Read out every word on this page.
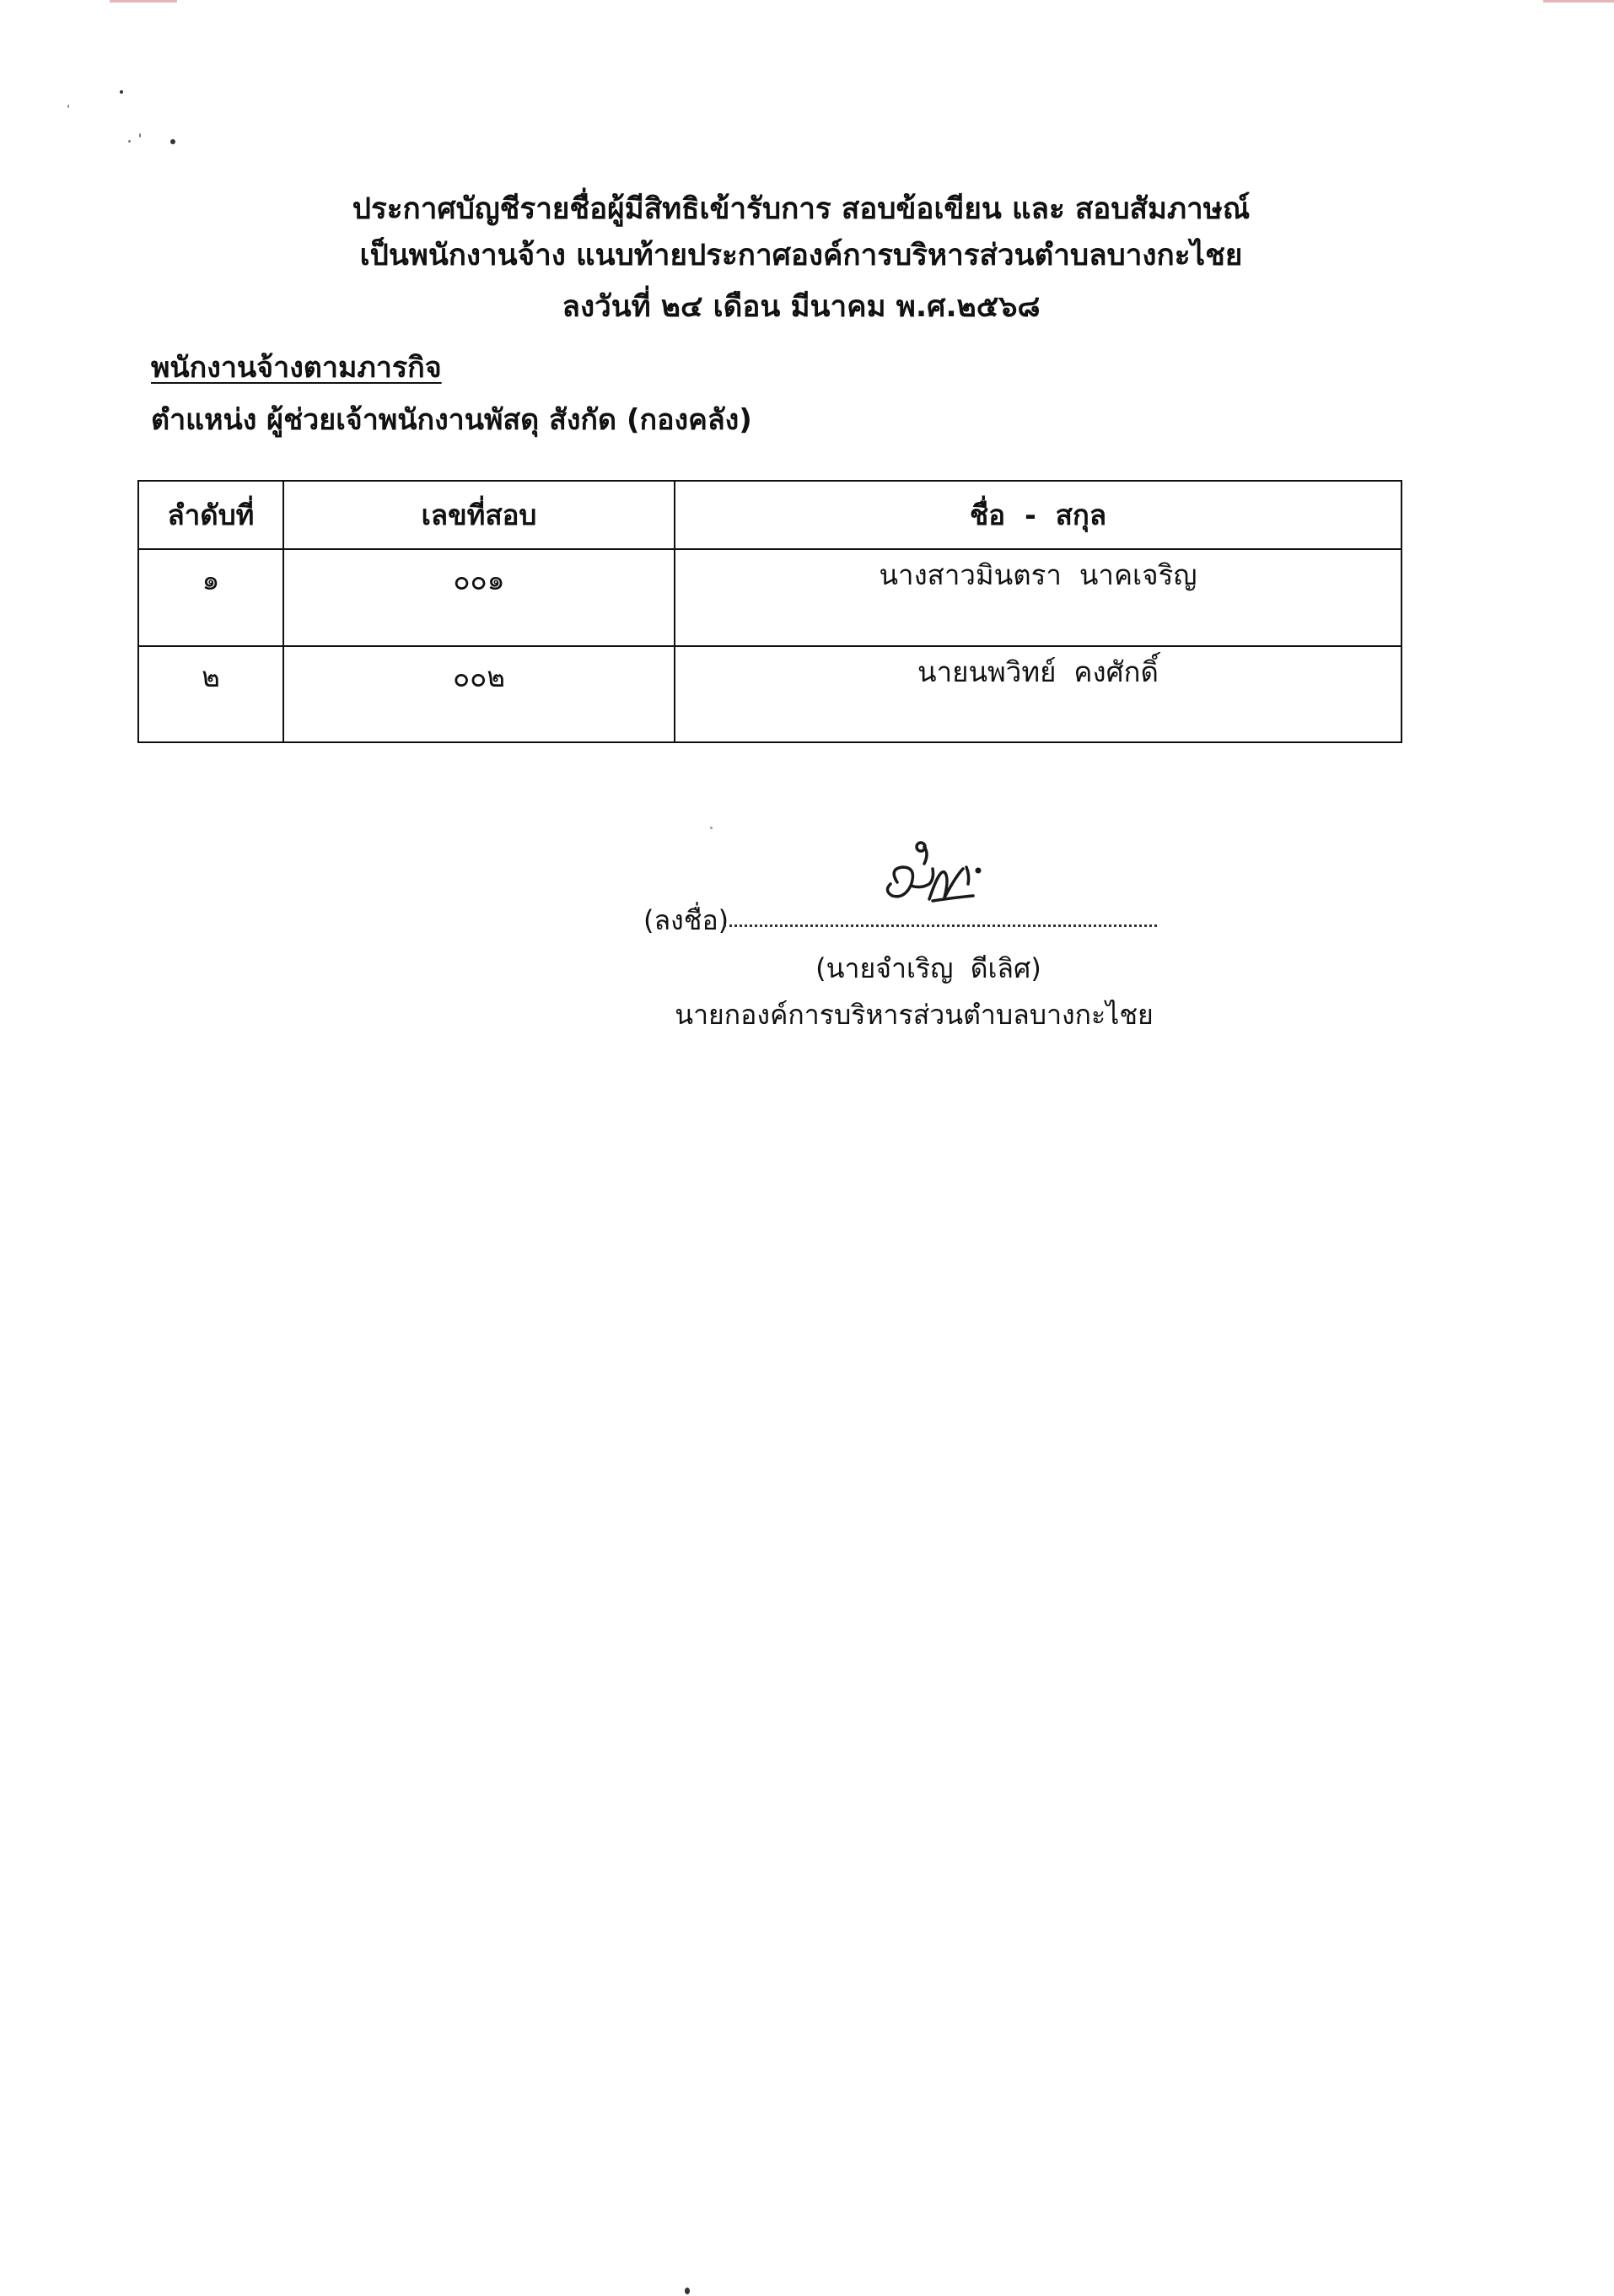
ประกาศบัญชีรายชื่อผู้มีสิทธิเข้ารับการ สอบข้อเขียน และ สอบสัมภาษณ์
เป็นพนักงานจ้าง แนบท้ายประกาศองค์การบริหารส่วนตำบลบางกะไชย
ลงวันที่ ๒๔ เดือน มีนาคม พ.ศ.๒๕๖๘
พนักงานจ้างตามภารกิจ
ตำแหน่ง ผู้ช่วยเจ้าพนักงานพัสดุ สังกัด (กองคลัง)
ลำดับที่	เลขที่สอบ	ชื่อ  -  สกุล
๑	๐๐๑	นางสาวมินตรา  นาคเจริญ
๒	๐๐๒	นายนพวิทย์  คงศักดิ์
(ลงชื่อ)
(นายจำเริญ  ดีเลิศ)
นายกองค์การบริหารส่วนตำบลบางกะไชย
